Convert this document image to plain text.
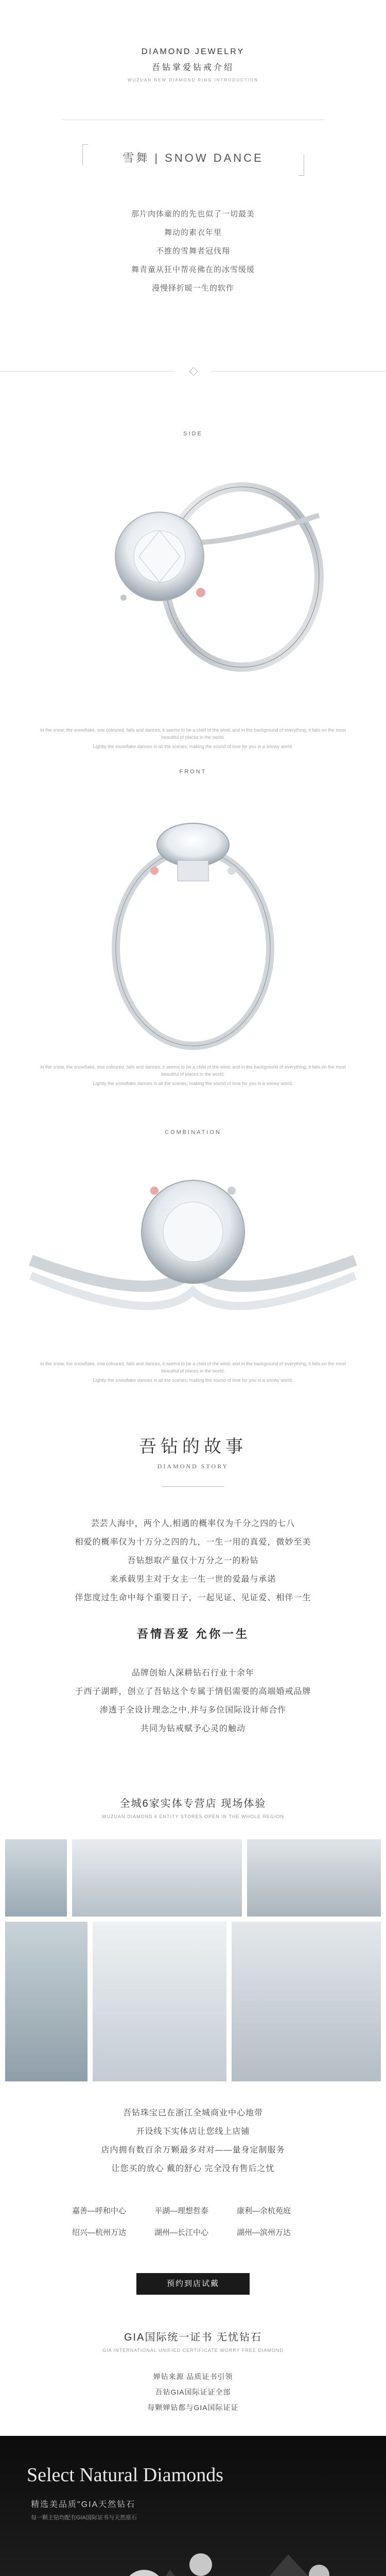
DIAMOND JEWELRY
吾钻掌爱钻戒介绍
WUZUAN NEW DIAMOND RING INTRODUCTION
雪舞 | SNOW DANCE

那片肉体童的的先也似了一切最美

舞动的素衣年里

不推的雪舞者冠伐翔

舞青童从狂中帮亮佛在的冰雪缓缓

漫慢择折暖一生的软作

SIDE
In the snow, the snowflake, one coloured, falls and dances, it seems to be a child of the wind, and in the background of everything, it falls on the most beautiful of places in the world.
Lightly the snowflake dances in all the scenes, making the sound of love for you in a snowy world.
FRONT
In the snow, the snowflake, one coloured, falls and dances, it seems to be a child of the wind, and in the background of everything, it falls on the most beautiful of places in the world.
Lightly the snowflake dances in all the scenes, making the sound of love for you in a snowy world.
COMBINATION
In the snow, the snowflake, one coloured, falls and dances, it seems to be a child of the wind, and in the background of everything, it falls on the most beautiful of places in the world.
Lightly the snowflake dances in all the scenes, making the sound of love for you in a snowy world.
吾钻的故事
DIAMOND STORY

芸芸人海中，两个人,相遇的概率仅为千分之四的七八

相爱的概率仅为十万分之四的九，一生一用的真爱，微妙至美

吾钻想取产量仅十万分之一的粉钻

来承载男主对于女主一生一世的爱最与承诺

伴您度过生命中每个重要日子，一起见证、见证爱、相伴一生

吾情吾爱 允你一生

品牌创始人深耕钻石行业十余年

于西子湖畔，创立了吾钻这个专属于情侣需要的高端婚戒品牌

渗透于全设计理念之中,并与多位国际设计师合作

共同为钻戒赋予心灵的触动

全城6家实体专营店 现场体验
WUZUAN DIAMOND 6 ENTITY STORES OPEN IN THE WHOLE REGION

吾钻珠宝已在浙江全城商业中心地带

开设线下实体店让您线上店铺

店内拥有数百余万颗最多对对——量身定制服务

让您买的放心 戴的舒心 完全没有售后之忧

嘉善—呼和中心	平湖—理想哲泰	康利—余杭苑庭
绍兴—杭州万达	湖州—长江中心	湖州—滨州万达
预约到店试戴
GIA国际统一证书 无忧钻石
GIA INTERNATIONAL UNIFIED CERTIFICATE WORRY FREE DIAMOND

婵钻来源 品质证书引领

吾钻GIA国际证证全部

每颗婵钻都与GIA国际证证

Select Natural Diamonds
精选美品质"GIA天然钻石
每一颗主钻均配有GIA国际证书与天然原石
